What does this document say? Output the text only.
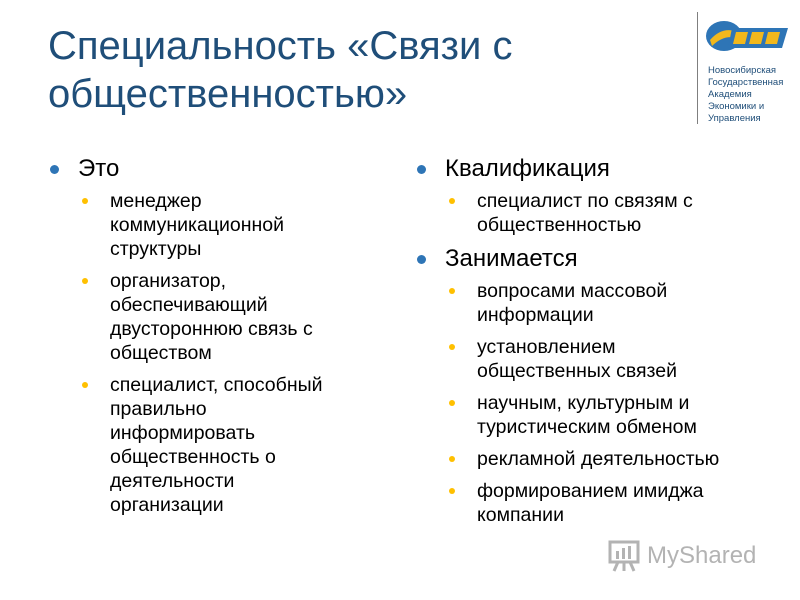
Специальность «Связи с
общественностью»
Новосибирская
Государственная
Академия
Экономики и
Управления
Это
менеджер
коммуникационной
структуры
организатор,
обеспечивающий
двустороннюю связь с
обществом
специалист, способный
правильно
информировать
общественность о
деятельности
организации
Квалификация
специалист по связям с
общественностью
Занимается
вопросами массовой
информации
установлением
общественных связей
научным, культурным и
туристическим обменом
рекламной деятельностью
формированием имиджа
компании
MyShared
